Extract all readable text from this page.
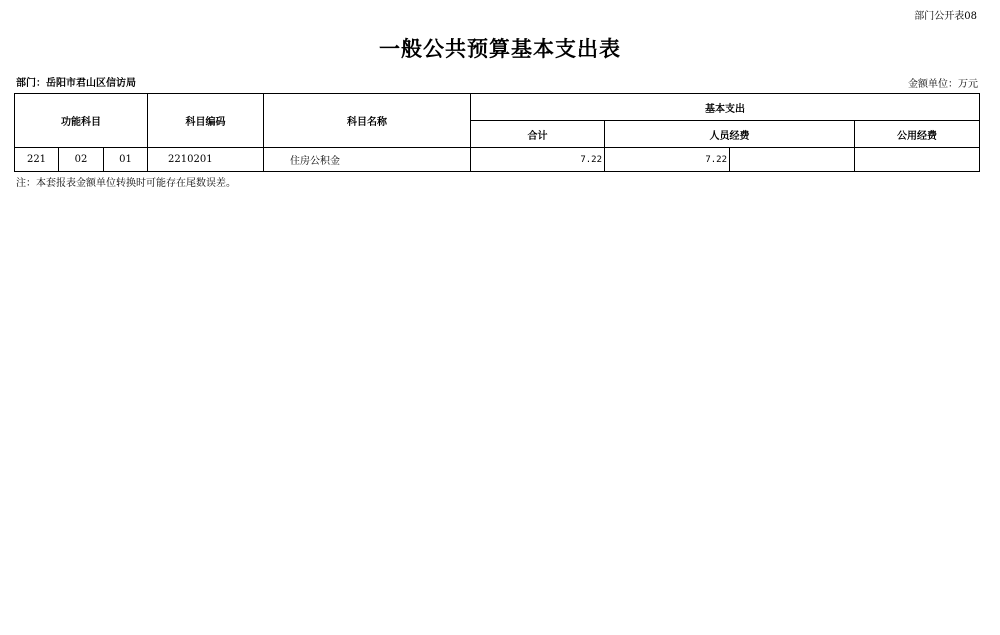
部门公开表08
一般公共预算基本支出表
部门：岳阳市君山区信访局	金额单位：万元
功能科目			科目编码	科目名称	基本支出			
					合计	人员经费		公用经费
221	02	01	2210201	住房公积金	7.22	7.22		
注：本套报表金额单位转换时可能存在尾数误差。
